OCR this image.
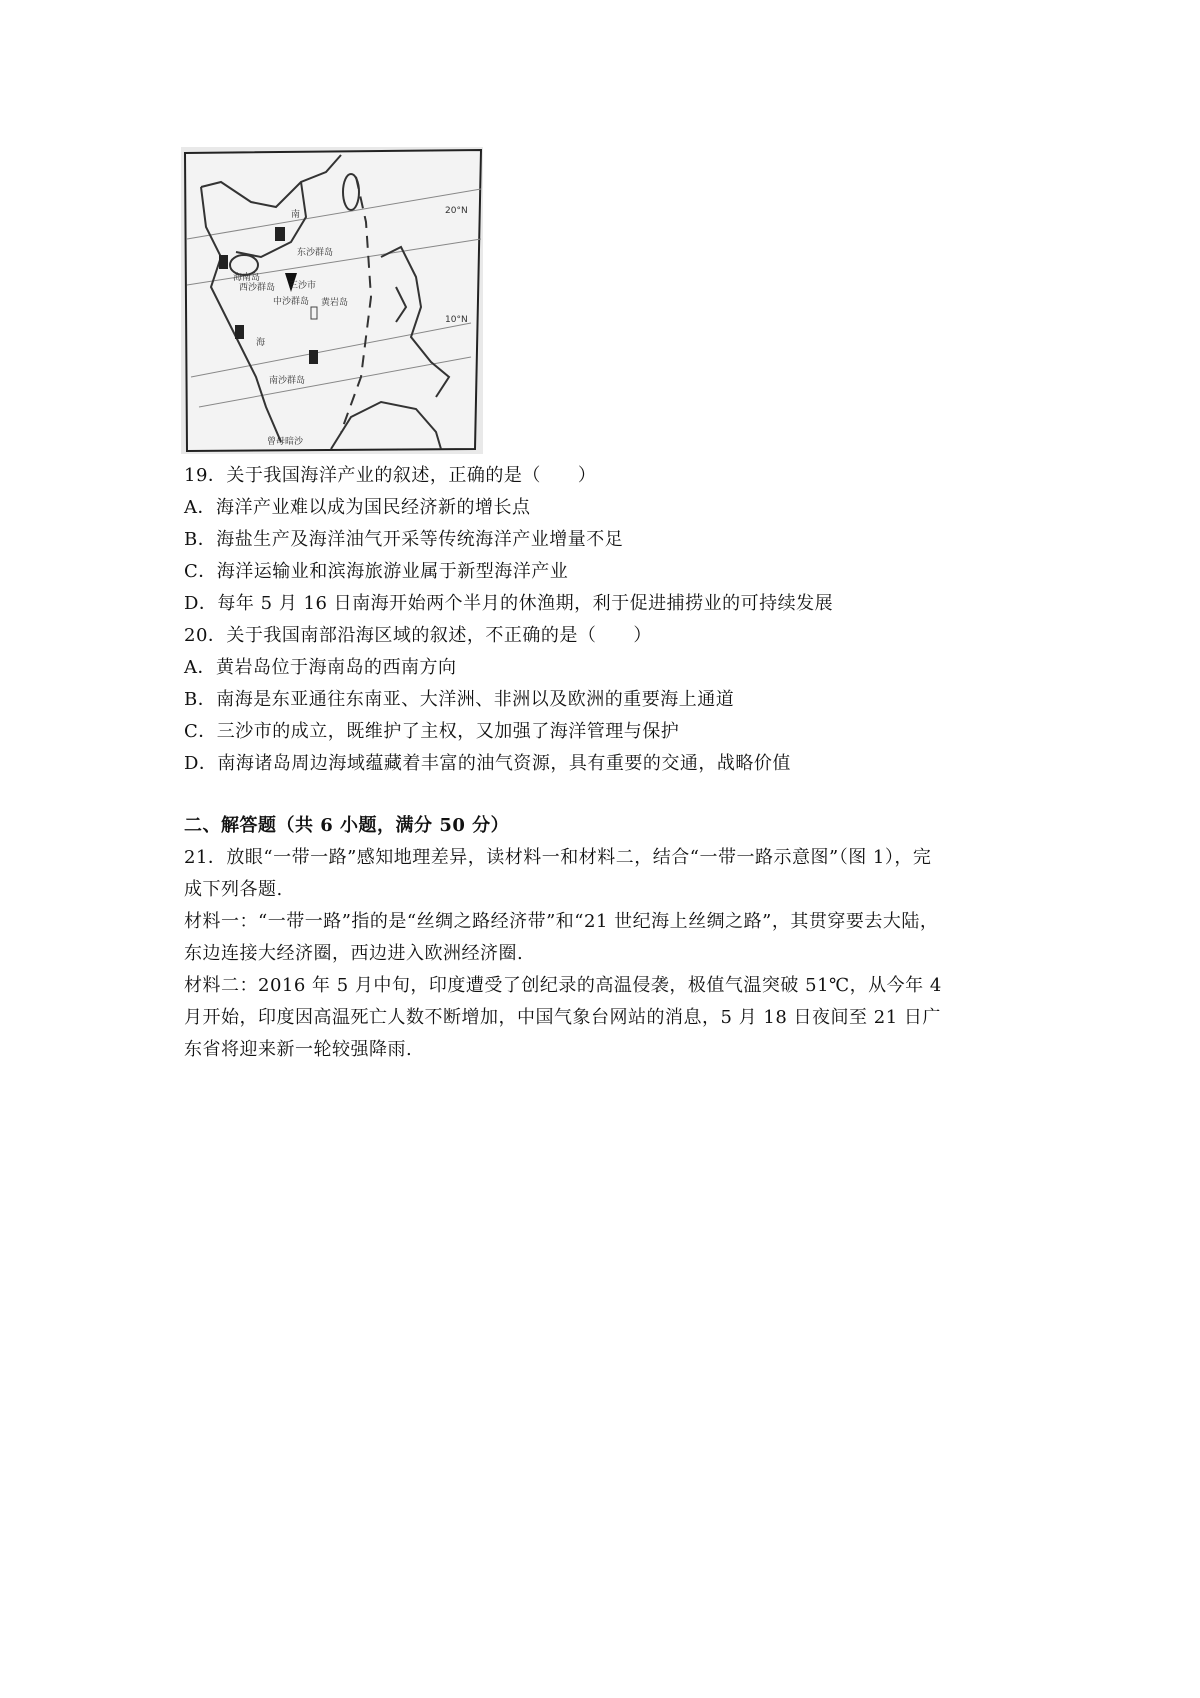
南
海南岛
东沙群岛
西沙群岛 三沙市
中沙群岛 黄岩岛
海
南沙群岛
曾母暗沙
20°N
10°N
19．关于我国海洋产业的叙述，正确的是（　　）
A．海洋产业难以成为国民经济新的增长点
B．海盐生产及海洋油气开采等传统海洋产业增量不足
C．海洋运输业和滨海旅游业属于新型海洋产业
D．每年 5 月 16 日南海开始两个半月的休渔期，利于促进捕捞业的可持续发展
20．关于我国南部沿海区域的叙述，不正确的是（　　）
A．黄岩岛位于海南岛的西南方向
B．南海是东亚通往东南亚、大洋洲、非洲以及欧洲的重要海上通道
C．三沙市的成立，既维护了主权，又加强了海洋管理与保护
D．南海诸岛周边海域蕴藏着丰富的油气资源，具有重要的交通，战略价值
二、解答题（共 6 小题，满分 50 分）
21．放眼“一带一路”感知地理差异，读材料一和材料二，结合“一带一路示意图”（图 1），完
成下列各题.
材料一：“一带一路”指的是“丝绸之路经济带”和“21 世纪海上丝绸之路”，其贯穿要去大陆，
东边连接大经济圈，西边进入欧洲经济圈.
材料二：2016 年 5 月中旬，印度遭受了创纪录的高温侵袭，极值气温突破 51℃，从今年 4
月开始，印度因高温死亡人数不断增加，中国气象台网站的消息，5 月 18 日夜间至 21 日广
东省将迎来新一轮较强降雨.
